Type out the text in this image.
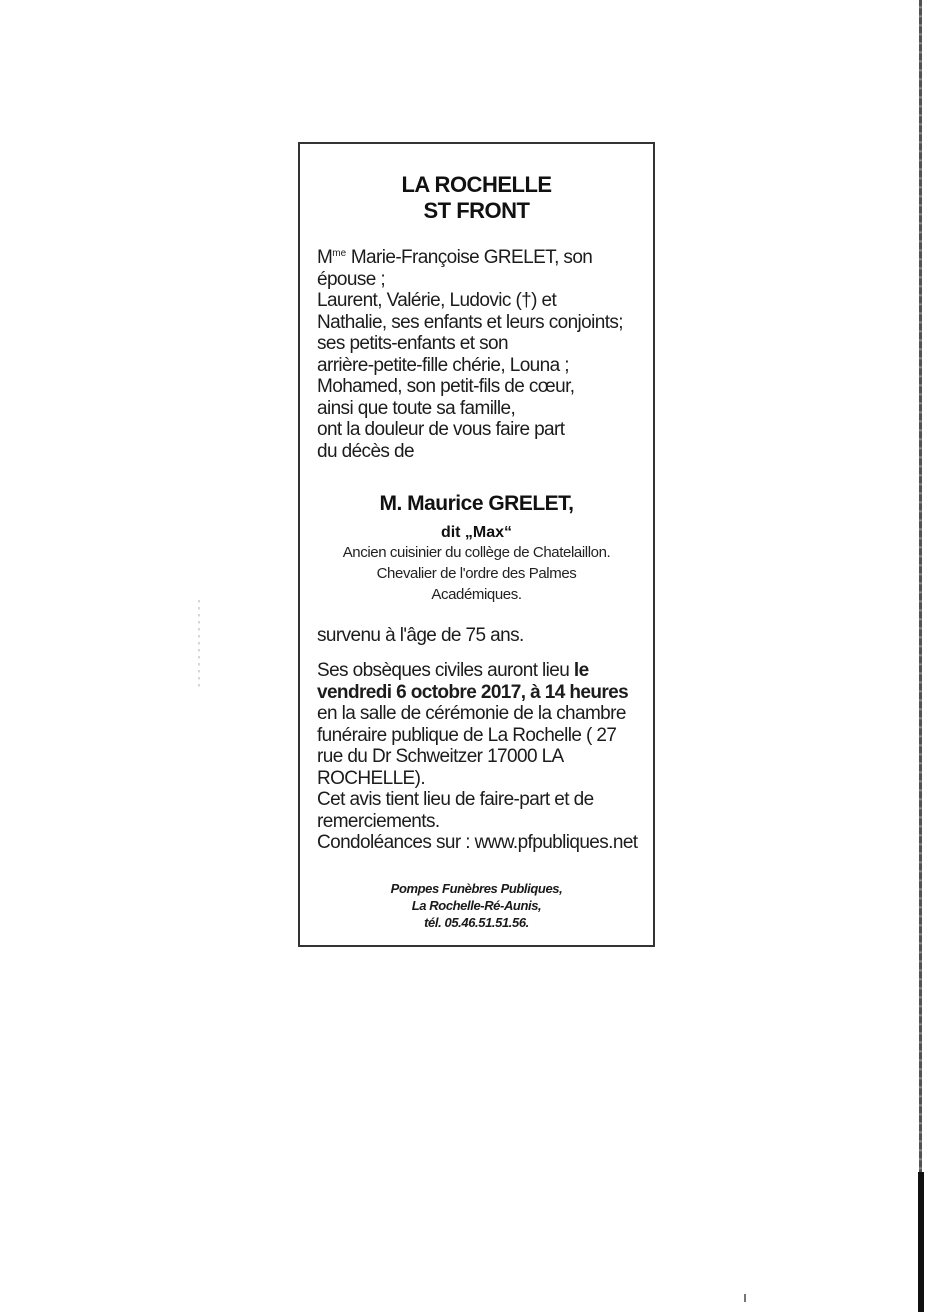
LA ROCHELLE
ST FRONT
$M^{me}$ Marie-Françoise GRELET, son
épouse ;
Laurent, Valérie, Ludovic (†) et
Nathalie, ses enfants et leurs conjoints;
ses petits-enfants et son
arrière-petite-fille chérie, Louna ;
Mohamed, son petit-fils de cœur,
ainsi que toute sa famille,
ont la douleur de vous faire part
du décès de
M. Maurice GRELET,
dit „Max“
Ancien cuisinier du collège de Chatelaillon.
Chevalier de l'ordre des Palmes
Académiques.
survenu à l'âge de 75 ans.
Ses obsèques civiles auront lieu le
vendredi 6 octobre 2017, à 14 heures
en la salle de cérémonie de la chambre
funéraire publique de La Rochelle ( 27
rue du Dr Schweitzer 17000 LA
ROCHELLE).
Cet avis tient lieu de faire-part et de
remerciements.
Condoléances sur : www.pfpubliques.net
Pompes Funèbres Publiques,
La Rochelle-Ré-Aunis,
tél. 05.46.51.51.56.
